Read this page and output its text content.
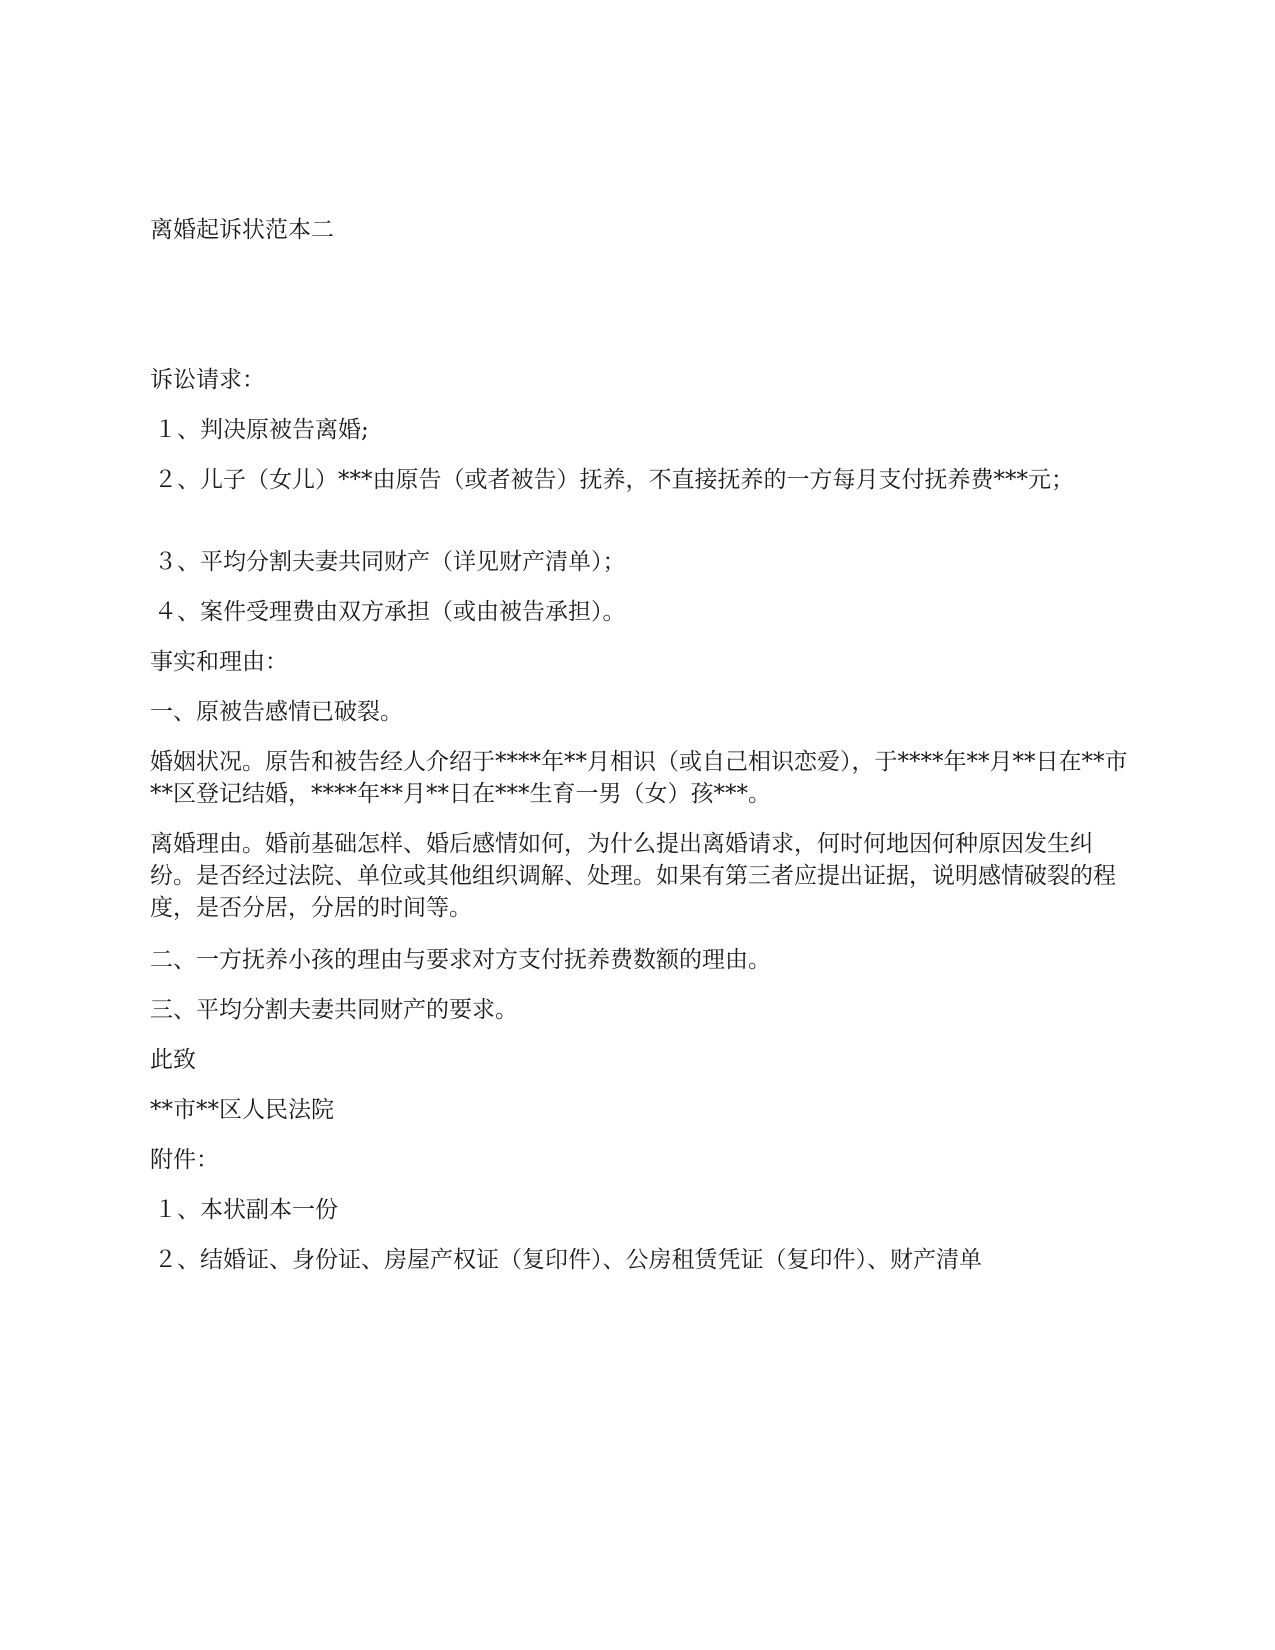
离婚起诉状范本二
诉讼请求：
１、判决原被告离婚;
２、儿子（女儿）***由原告（或者被告）抚养，不直接抚养的一方每月支付抚养费***元；
３、平均分割夫妻共同财产（详见财产清单）；
４、案件受理费由双方承担（或由被告承担）。
事实和理由：
一、原被告感情已破裂。
婚姻状况。原告和被告经人介绍于****年**月相识（或自己相识恋爱），于****年**月**日在**市**区登记结婚，****年**月**日在***生育一男（女）孩***。
离婚理由。婚前基础怎样、婚后感情如何，为什么提出离婚请求，何时何地因何种原因发生纠纷。是否经过法院、单位或其他组织调解、处理。如果有第三者应提出证据，说明感情破裂的程度，是否分居，分居的时间等。
二、一方抚养小孩的理由与要求对方支付抚养费数额的理由。
三、平均分割夫妻共同财产的要求。
此致
**市**区人民法院
附件：
１、本状副本一份
２、结婚证、身份证、房屋产权证（复印件）、公房租赁凭证（复印件）、财产清单
